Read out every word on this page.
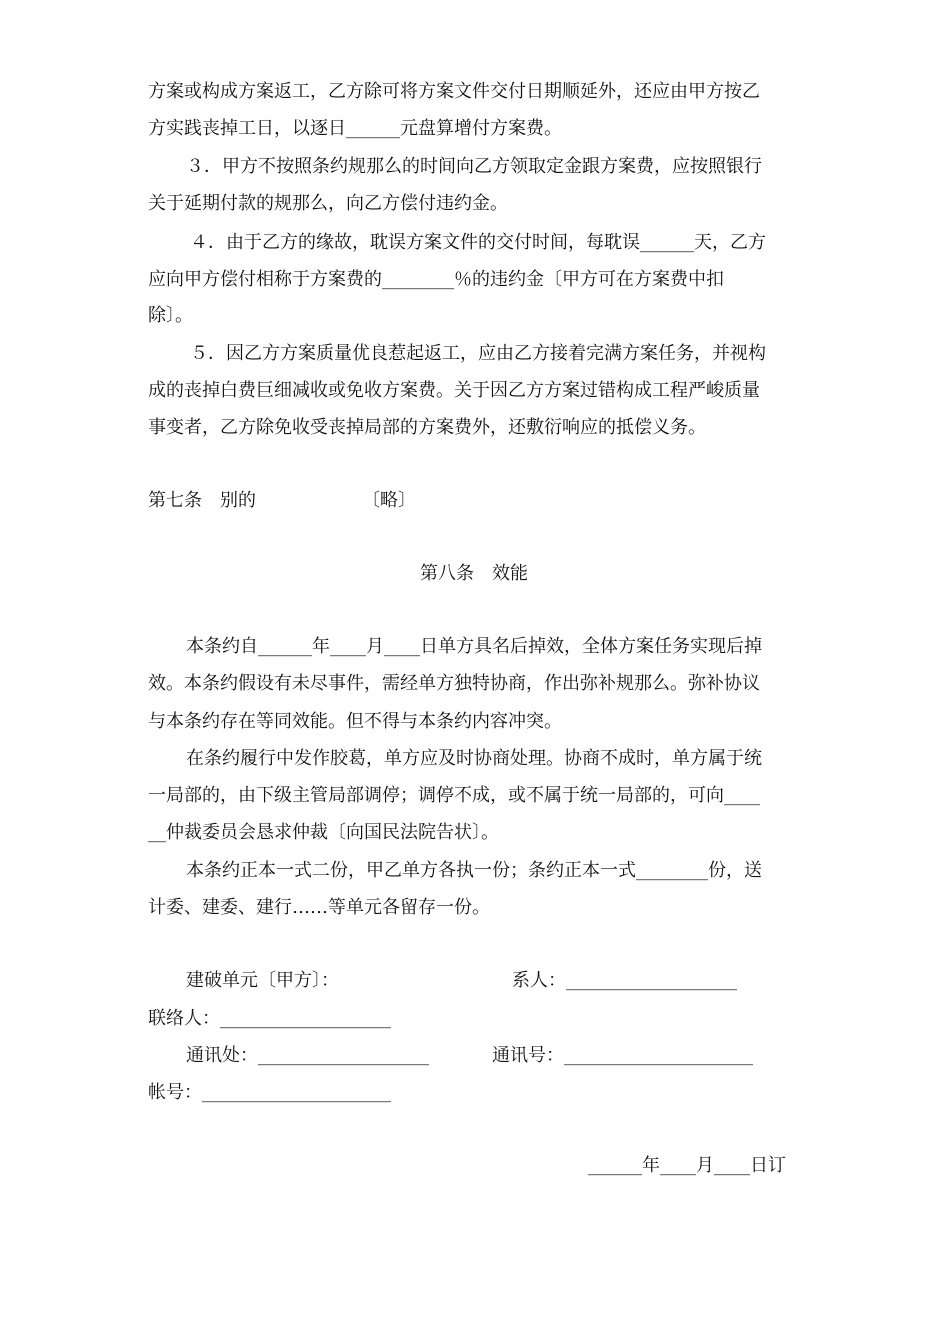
方案或构成方案返工，乙方除可将方案文件交付日期顺延外，还应由甲方按乙
方实践丧掉工日，以逐日______元盘算增付方案费。
３．甲方不按照条约规那么的时间向乙方领取定金跟方案费，应按照银行
关于延期付款的规那么，向乙方偿付违约金。
４．由于乙方的缘故，耽误方案文件的交付时间，每耽误______天，乙方
应向甲方偿付相称于方案费的________％的违约金〔甲方可在方案费中扣
除〕。
５．因乙方方案质量优良惹起返工，应由乙方接着完满方案任务，并视构
成的丧掉白费巨细减收或免收方案费。关于因乙方方案过错构成工程严峻质量
事变者，乙方除免收受丧掉局部的方案费外，还敷衍响应的抵偿义务。
第七条　别的	〔略〕
第八条　效能
本条约自______年____月____日单方具名后掉效，全体方案任务实现后掉
效。本条约假设有未尽事件，需经单方独特协商，作出弥补规那么。弥补协议
与本条约存在等同效能。但不得与本条约内容冲突。
在条约履行中发作胶葛，单方应及时协商处理。协商不成时，单方属于统
一局部的，由下级主管局部调停；调停不成，或不属于统一局部的，可向____
__仲裁委员会恳求仲裁〔向国民法院告状〕。
本条约正本一式二份，甲乙单方各执一份；条约正本一式________份，送
计委、建委、建行……等单元各留存一份。
建破单元〔甲方〕：	系人：___________________
联络人：___________________
通讯处：___________________	通讯号：_____________________
帐号：_____________________
______年____月____日订
